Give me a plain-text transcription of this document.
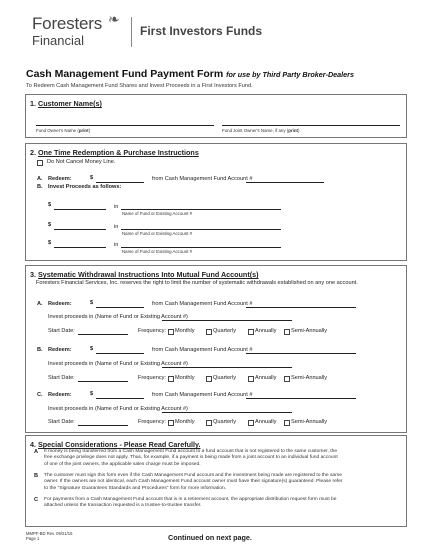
Foresters ❧
Financial
First Investors Funds
Cash Management Fund Payment Form for use by Third Party Broker-Dealers
To Redeem Cash Management Fund Shares and Invest Proceeds in a First Investors Fund.
1. Customer Name(s)
Fund Owner's Name (print)	Fund Joint Owner's Name, if any (print)
2. One Time Redemption & Purchase Instructions
Do Not Cancel Money Line.
A. Redeem:	$	from Cash Management Fund Account #
B. Invest Proceeds as follows:
$	in
Name of Fund or Existing Account #
$	in
Name of Fund or Existing Account #
$	in
Name of Fund or Existing Account #
3. Systematic Withdrawal Instructions Into Mutual Fund Account(s)
Foresters Financial Services, Inc. reserves the right to limit the number of systematic withdrawals established on any one account.
A. Redeem:	$	from Cash Management Fund Account #
Invest proceeds in (Name of Fund or Existing Account #)
Start Date:	Frequency: Monthly	Quarterly	Annually	Semi-Annually
B. Redeem:	$	from Cash Management Fund Account #
Invest proceeds in (Name of Fund or Existing Account #)
Start Date:	Frequency: Monthly	Quarterly	Annually	Semi-Annually
C. Redeem:	$	from Cash Management Fund Account #
Invest proceeds in (Name of Fund or Existing Account #)
Start Date:	Frequency: Monthly	Quarterly	Annually	Semi-Annually
4. Special Considerations - Please Read Carefully.
A If money is being transferred from a Cash Management Fund account to a fund account that is not registered to the same customer, the
free exchange privilege does not apply. Thus, for example, if a payment is being made from a joint account to an individual fund account
of one of the joint owners, the applicable sales charge must be imposed.
B The customer must sign this form even if the Cash Management Fund account and the investment being made are registered to the same
owner. If the owners are not identical, each Cash Management Fund account owner must have their signature(s) guaranteed. Please refer
to the "Signature Guarantees Standards and Procedures" form for more information.
C For payments from a Cash Management Fund account that is in a retirement account, the appropriate distribution request form must be
attached unless the transaction requested is a trustee-to-trustee transfer.
MMPF-BD Rev. 09/21/15
Page 1	Continued on next page.
